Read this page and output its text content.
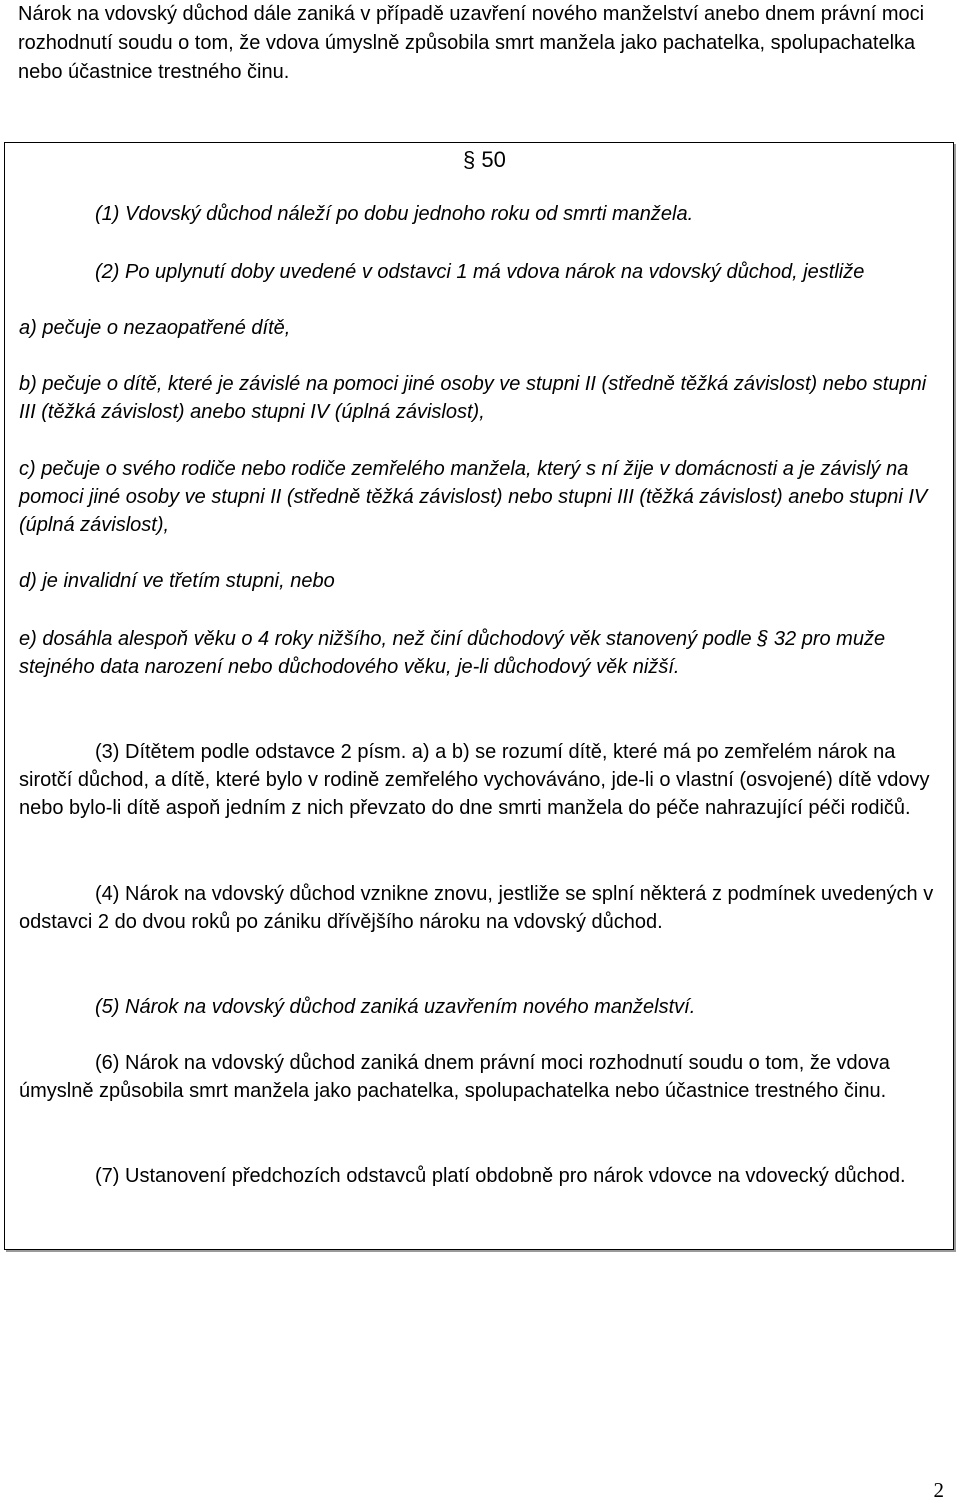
Nárok na vdovský důchod dále zaniká v případě uzavření nového manželství anebo dnem právní moci rozhodnutí soudu o tom, že vdova úmyslně způsobila smrt manžela jako pachatelka, spolupachatelka nebo účastnice trestného činu.

§ 50

(1) Vdovský důchod náleží po dobu jednoho roku od smrti manžela.

(2) Po uplynutí doby uvedené v odstavci 1 má vdova nárok na vdovský důchod, jestliže

a) pečuje o nezaopatřené dítě,

b) pečuje o dítě, které je závislé na pomoci jiné osoby ve stupni II (středně těžká závislost) nebo stupni III (těžká závislost) anebo stupni IV (úplná závislost),

c) pečuje o svého rodiče nebo rodiče zemřelého manžela, který s ní žije v domácnosti a je závislý na pomoci jiné osoby ve stupni II (středně těžká závislost) nebo stupni III (těžká závislost) anebo stupni IV (úplná závislost),

d) je invalidní ve třetím stupni, nebo

e) dosáhla alespoň věku o 4 roky nižšího, než činí důchodový věk stanovený podle § 32 pro muže stejného data narození nebo důchodového věku, je-li důchodový věk nižší.

(3) Dítětem podle odstavce 2 písm. a) a b) se rozumí dítě, které má po zemřelém nárok na sirotčí důchod, a dítě, které bylo v rodině zemřelého vychováváno, jde-li o vlastní (osvojené) dítě vdovy nebo bylo-li dítě aspoň jedním z nich převzato do dne smrti manžela do péče nahrazující péči rodičů.

(4) Nárok na vdovský důchod vznikne znovu, jestliže se splní některá z podmínek uvedených v odstavci 2 do dvou roků po zániku dřívějšího nároku na vdovský důchod.

(5) Nárok na vdovský důchod zaniká uzavřením nového manželství.

(6) Nárok na vdovský důchod zaniká dnem právní moci rozhodnutí soudu o tom, že vdova úmyslně způsobila smrt manžela jako pachatelka, spolupachatelka nebo účastnice trestného činu.

(7) Ustanovení předchozích odstavců platí obdobně pro nárok vdovce na vdovecký důchod.

2
